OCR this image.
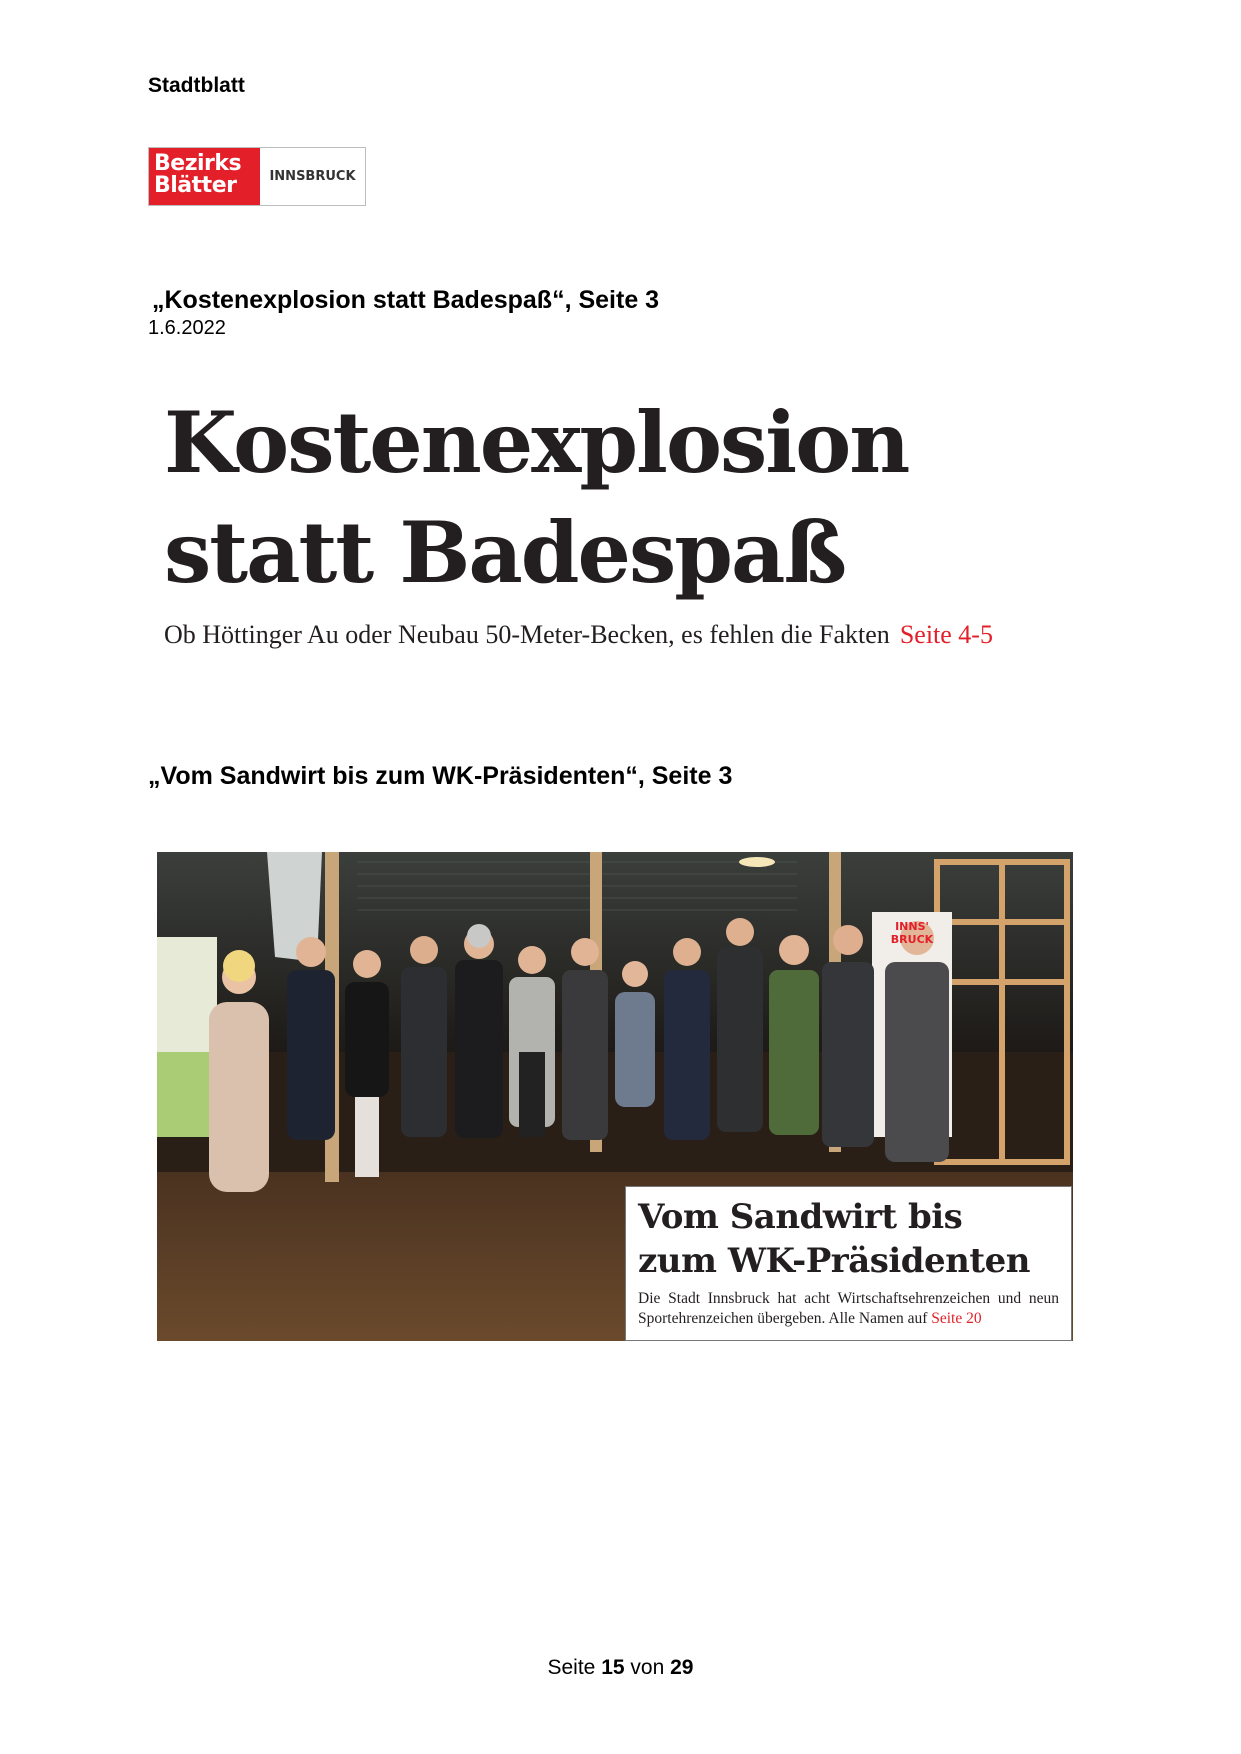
Stadtblatt
Bezirks
Blätter	INNSBRUCK
„Kostenexplosion statt Badespaß“, Seite 3
1.6.2022
Kostenexplosion
statt Badespaß
Ob Höttinger Au oder Neubau 50-Meter-Becken, es fehlen die Fakten Seite 4-5
„Vom Sandwirt bis zum WK-Präsidenten“, Seite 3
INNS'
BRUCK
Vom Sandwirt bis
zum WK-Präsidenten
Die Stadt Innsbruck hat acht Wirtschaftsehrenzeichen und neun Sportehrenzeichen übergeben. Alle Namen auf Seite 20
Seite 15 von 29
